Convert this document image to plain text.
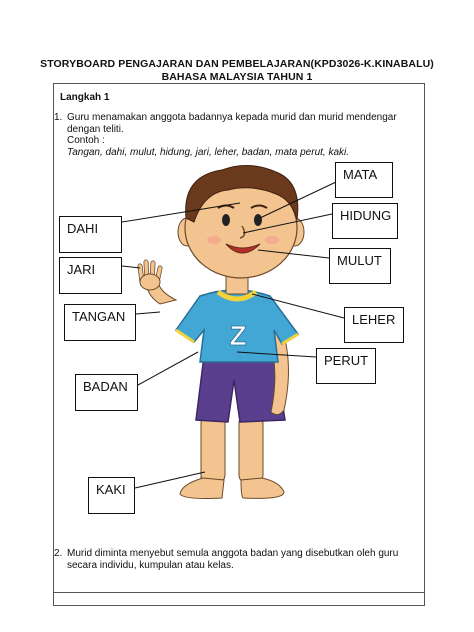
STORYBOARD PENGAJARAN DAN PEMBELAJARAN(KPD3026-K.KINABALU)
BAHASA MALAYSIA TAHUN 1
Langkah 1
1. Guru menamakan anggota badannya kepada murid dan murid mendengar
dengan teliti.
Contoh :
Tangan, dahi, mulut, hidung, jari, leher, badan, mata perut, kaki.
Z
MATA
HIDUNG
MULUT
LEHER
PERUT
DAHI
JARI
TANGAN
BADAN
KAKI
2. Murid diminta menyebut semula anggota badan yang disebutkan oleh guru
secara individu, kumpulan atau kelas.
